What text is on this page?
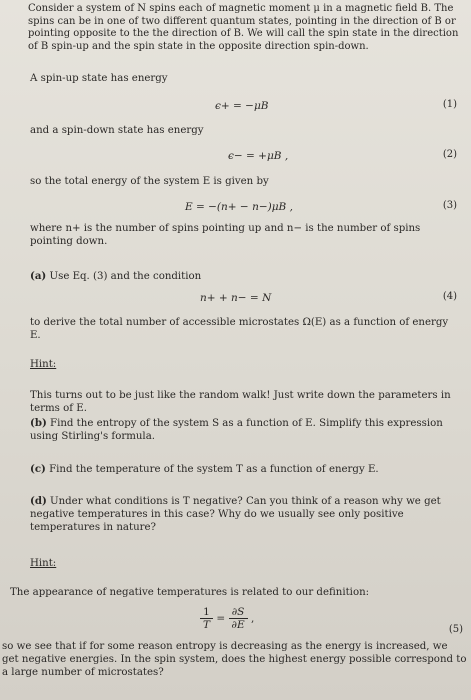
Consider a system of N spins each of magnetic moment μ in a magnetic field B. The spins can be in one of two different quantum states, pointing in the direction of B or pointing opposite to the the direction of B. We will call the spin state in the direction of B spin-up and the spin state in the opposite direction spin-down.
A spin-up state has energy
ϵ+ = −μB	(1)
and a spin-down state has energy
ϵ− = +μB ,	(2)
so the total energy of the system E is given by
E = −(n+ − n−)μB ,	(3)
where n+ is the number of spins pointing up and n− is the number of spins pointing down.
(a) Use Eq. (3) and the condition
n+ + n− = N	(4)
to derive the total number of accessible microstates Ω(E) as a function of energy E.
Hint:
This turns out to be just like the random walk! Just write down the parameters in terms of E.
(b) Find the entropy of the system S as a function of E. Simplify this expression using Stirling's formula.
(c) Find the temperature of the system T as a function of energy E.
(d) Under what conditions is T negative? Can you think of a reason why we get negative temperatures in this case? Why do we usually see only positive temperatures in nature?
Hint:
The appearance of negative temperatures is related to our definition:
$\frac{1}{T} = \frac{\partial S}{\partial E}$ ,
(5)
so we see that if for some reason entropy is decreasing as the energy is increased, we get negative energies. In the spin system, does the highest energy possible correspond to a large number of microstates?
